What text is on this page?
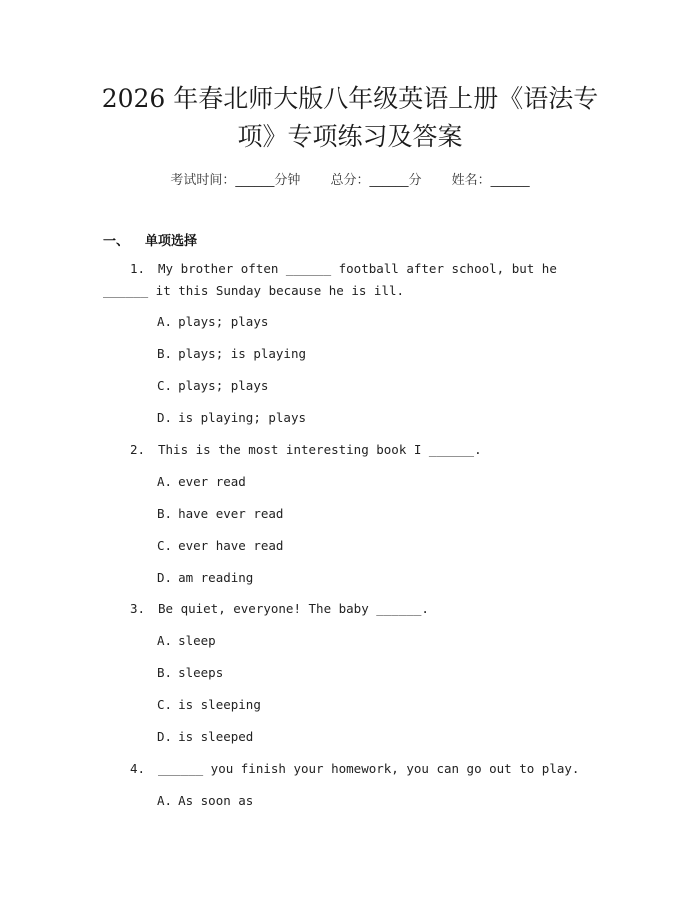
2026 年春北师大版八年级英语上册《语法专
项》专项练习及答案
考试时间：______分钟 总分：______分 姓名：______
一、 单项选择
1. My brother often ______ football after school, but he ______ it this Sunday because he is ill.
A. plays; plays
B. plays; is playing
C. plays; plays
D. is playing; plays
2. This is the most interesting book I ______.
A. ever read
B. have ever read
C. ever have read
D. am reading
3. Be quiet, everyone! The baby ______.
A. sleep
B. sleeps
C. is sleeping
D. is sleeped
4. ______ you finish your homework, you can go out to play.
A. As soon as
